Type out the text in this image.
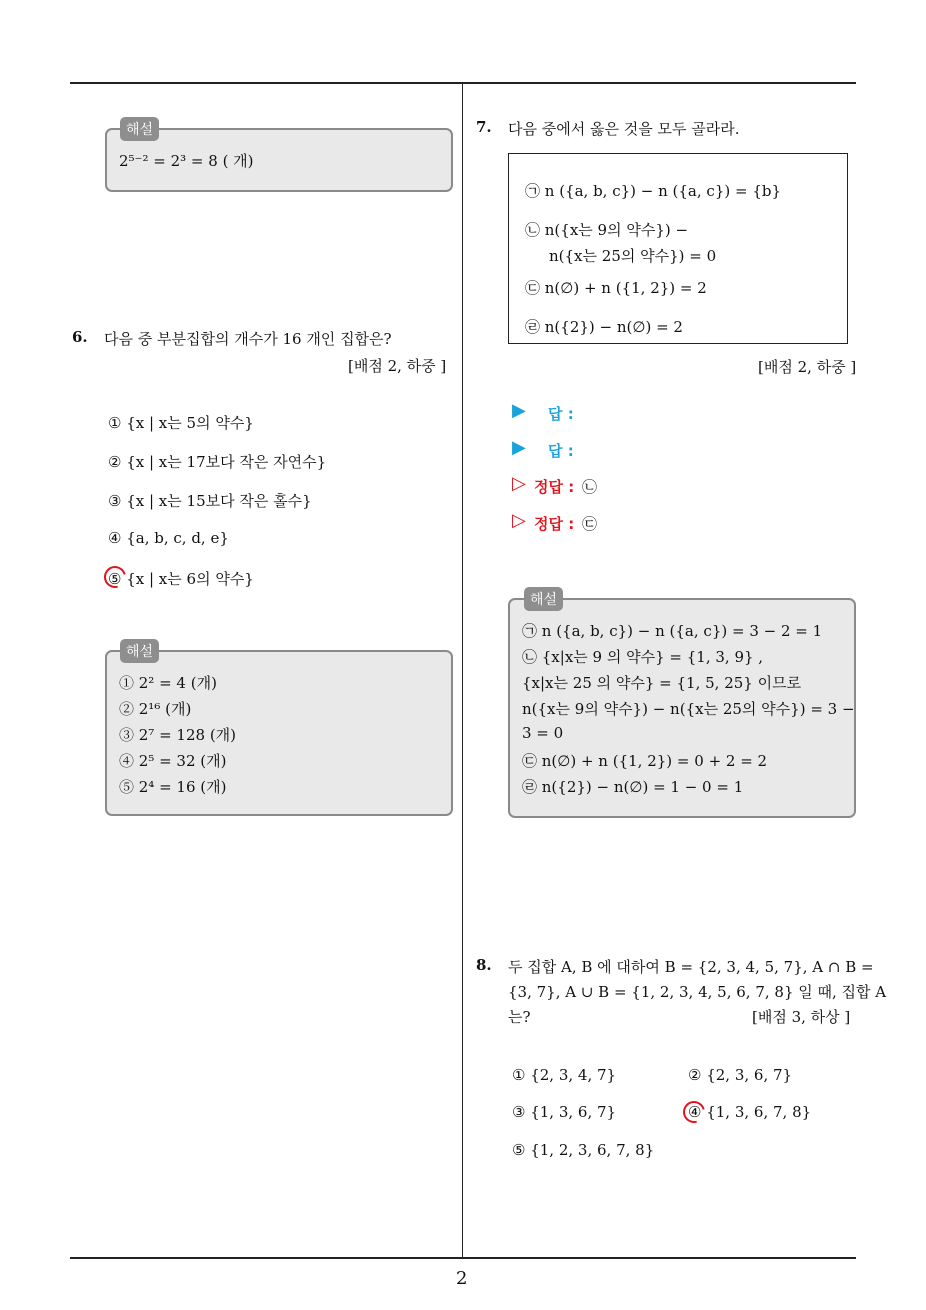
2⁵⁻² = 2³ = 8 ( 개)
해설
6. 다음 중 부분집합의 개수가 16 개인 집합은?
[배점 2, 하중 ]
① {x | x는 5의 약수}
② {x | x는 17보다 작은 자연수}
③ {x | x는 15보다 작은 홀수}
④ {a, b, c, d, e}
⑤ {x | x는 6의 약수}
① 2² = 4 (개)
② 2¹⁶ (개)
③ 2⁷ = 128 (개)
④ 2⁵ = 32 (개)
⑤ 2⁴ = 16 (개)
해설
7. 다음 중에서 옳은 것을 모두 골라라.
㉠ n ({a, b, c}) − n ({a, c}) = {b}
㉡ n({x는 9의 약수}) −
n({x는 25의 약수}) = 0
㉢ n(∅) + n ({1, 2}) = 2
㉣ n({2}) − n(∅) = 2
[배점 2, 하중 ]
▶ 답 :
▶ 답 :
▷ 정답 : ㉡
▷ 정답 : ㉢
㉠ n ({a, b, c}) − n ({a, c}) = 3 − 2 = 1
㉡ {x|x는 9 의 약수} = {1, 3, 9} ,
{x|x는 25 의 약수} = {1, 5, 25} 이므로
n({x는 9의 약수}) − n({x는 25의 약수}) = 3 −
3 = 0
㉢ n(∅) + n ({1, 2}) = 0 + 2 = 2
㉣ n({2}) − n(∅) = 1 − 0 = 1
해설
8. 두 집합 A, B 에 대하여 B = {2, 3, 4, 5, 7}, A ∩ B =
{3, 7}, A ∪ B = {1, 2, 3, 4, 5, 6, 7, 8} 일 때, 집합 A
는?	[배점 3, 하상 ]
① {2, 3, 4, 7}	② {2, 3, 6, 7}
③ {1, 3, 6, 7}	④ {1, 3, 6, 7, 8}
⑤ {1, 2, 3, 6, 7, 8}
2
